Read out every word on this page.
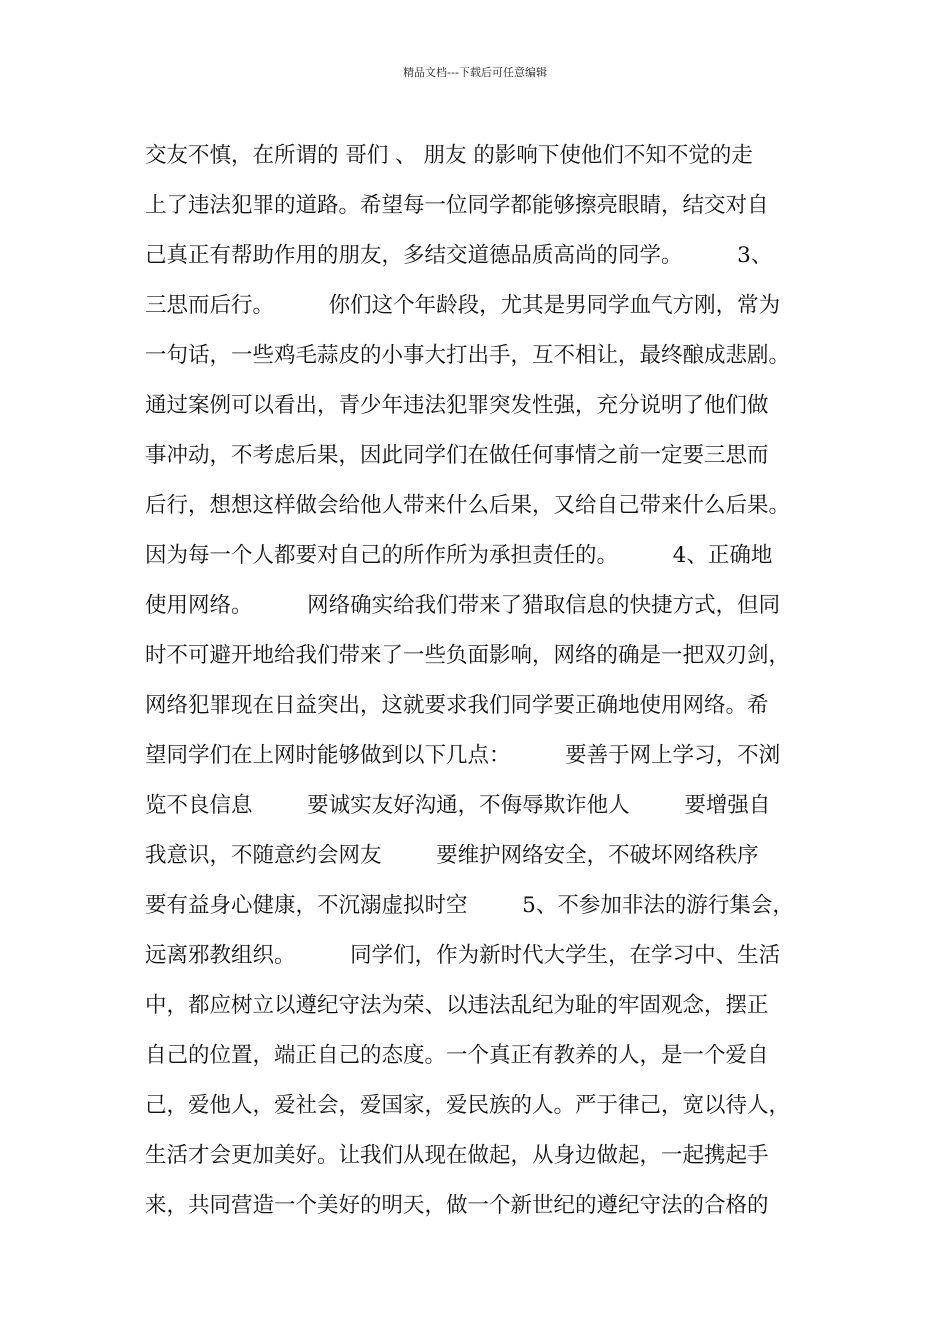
精品文档---下载后可任意编辑
交友不慎，在所谓的 哥们 、 朋友 的影响下使他们不知不觉的走
上了违法犯罪的道路。希望每一位同学都能够擦亮眼睛，结交对自
己真正有帮助作用的朋友，多结交道德品质高尚的同学。        3、
三思而后行。        你们这个年龄段，尤其是男同学血气方刚，常为
一句话，一些鸡毛蒜皮的小事大打出手，互不相让，最终酿成悲剧。
通过案例可以看出，青少年违法犯罪突发性强，充分说明了他们做
事冲动，不考虑后果，因此同学们在做任何事情之前一定要三思而
后行，想想这样做会给他人带来什么后果，又给自己带来什么后果。
因为每一个人都要对自己的所作所为承担责任的。        4、正确地
使用网络。        网络确实给我们带来了猎取信息的快捷方式，但同
时不可避开地给我们带来了一些负面影响，网络的确是一把双刃剑，
网络犯罪现在日益突出，这就要求我们同学要正确地使用网络。希
望同学们在上网时能够做到以下几点：        要善于网上学习，不浏
览不良信息        要诚实友好沟通，不侮辱欺诈他人        要增强自
我意识，不随意约会网友        要维护网络安全，不破坏网络秩序
要有益身心健康，不沉溺虚拟时空        5、不参加非法的游行集会，
远离邪教组织。        同学们，作为新时代大学生，在学习中、生活
中，都应树立以遵纪守法为荣、以违法乱纪为耻的牢固观念，摆正
自己的位置，端正自己的态度。一个真正有教养的人，是一个爱自
己，爱他人，爱社会，爱国家，爱民族的人。严于律己，宽以待人，
生活才会更加美好。让我们从现在做起，从身边做起，一起携起手
来，共同营造一个美好的明天，做一个新世纪的遵纪守法的合格的
